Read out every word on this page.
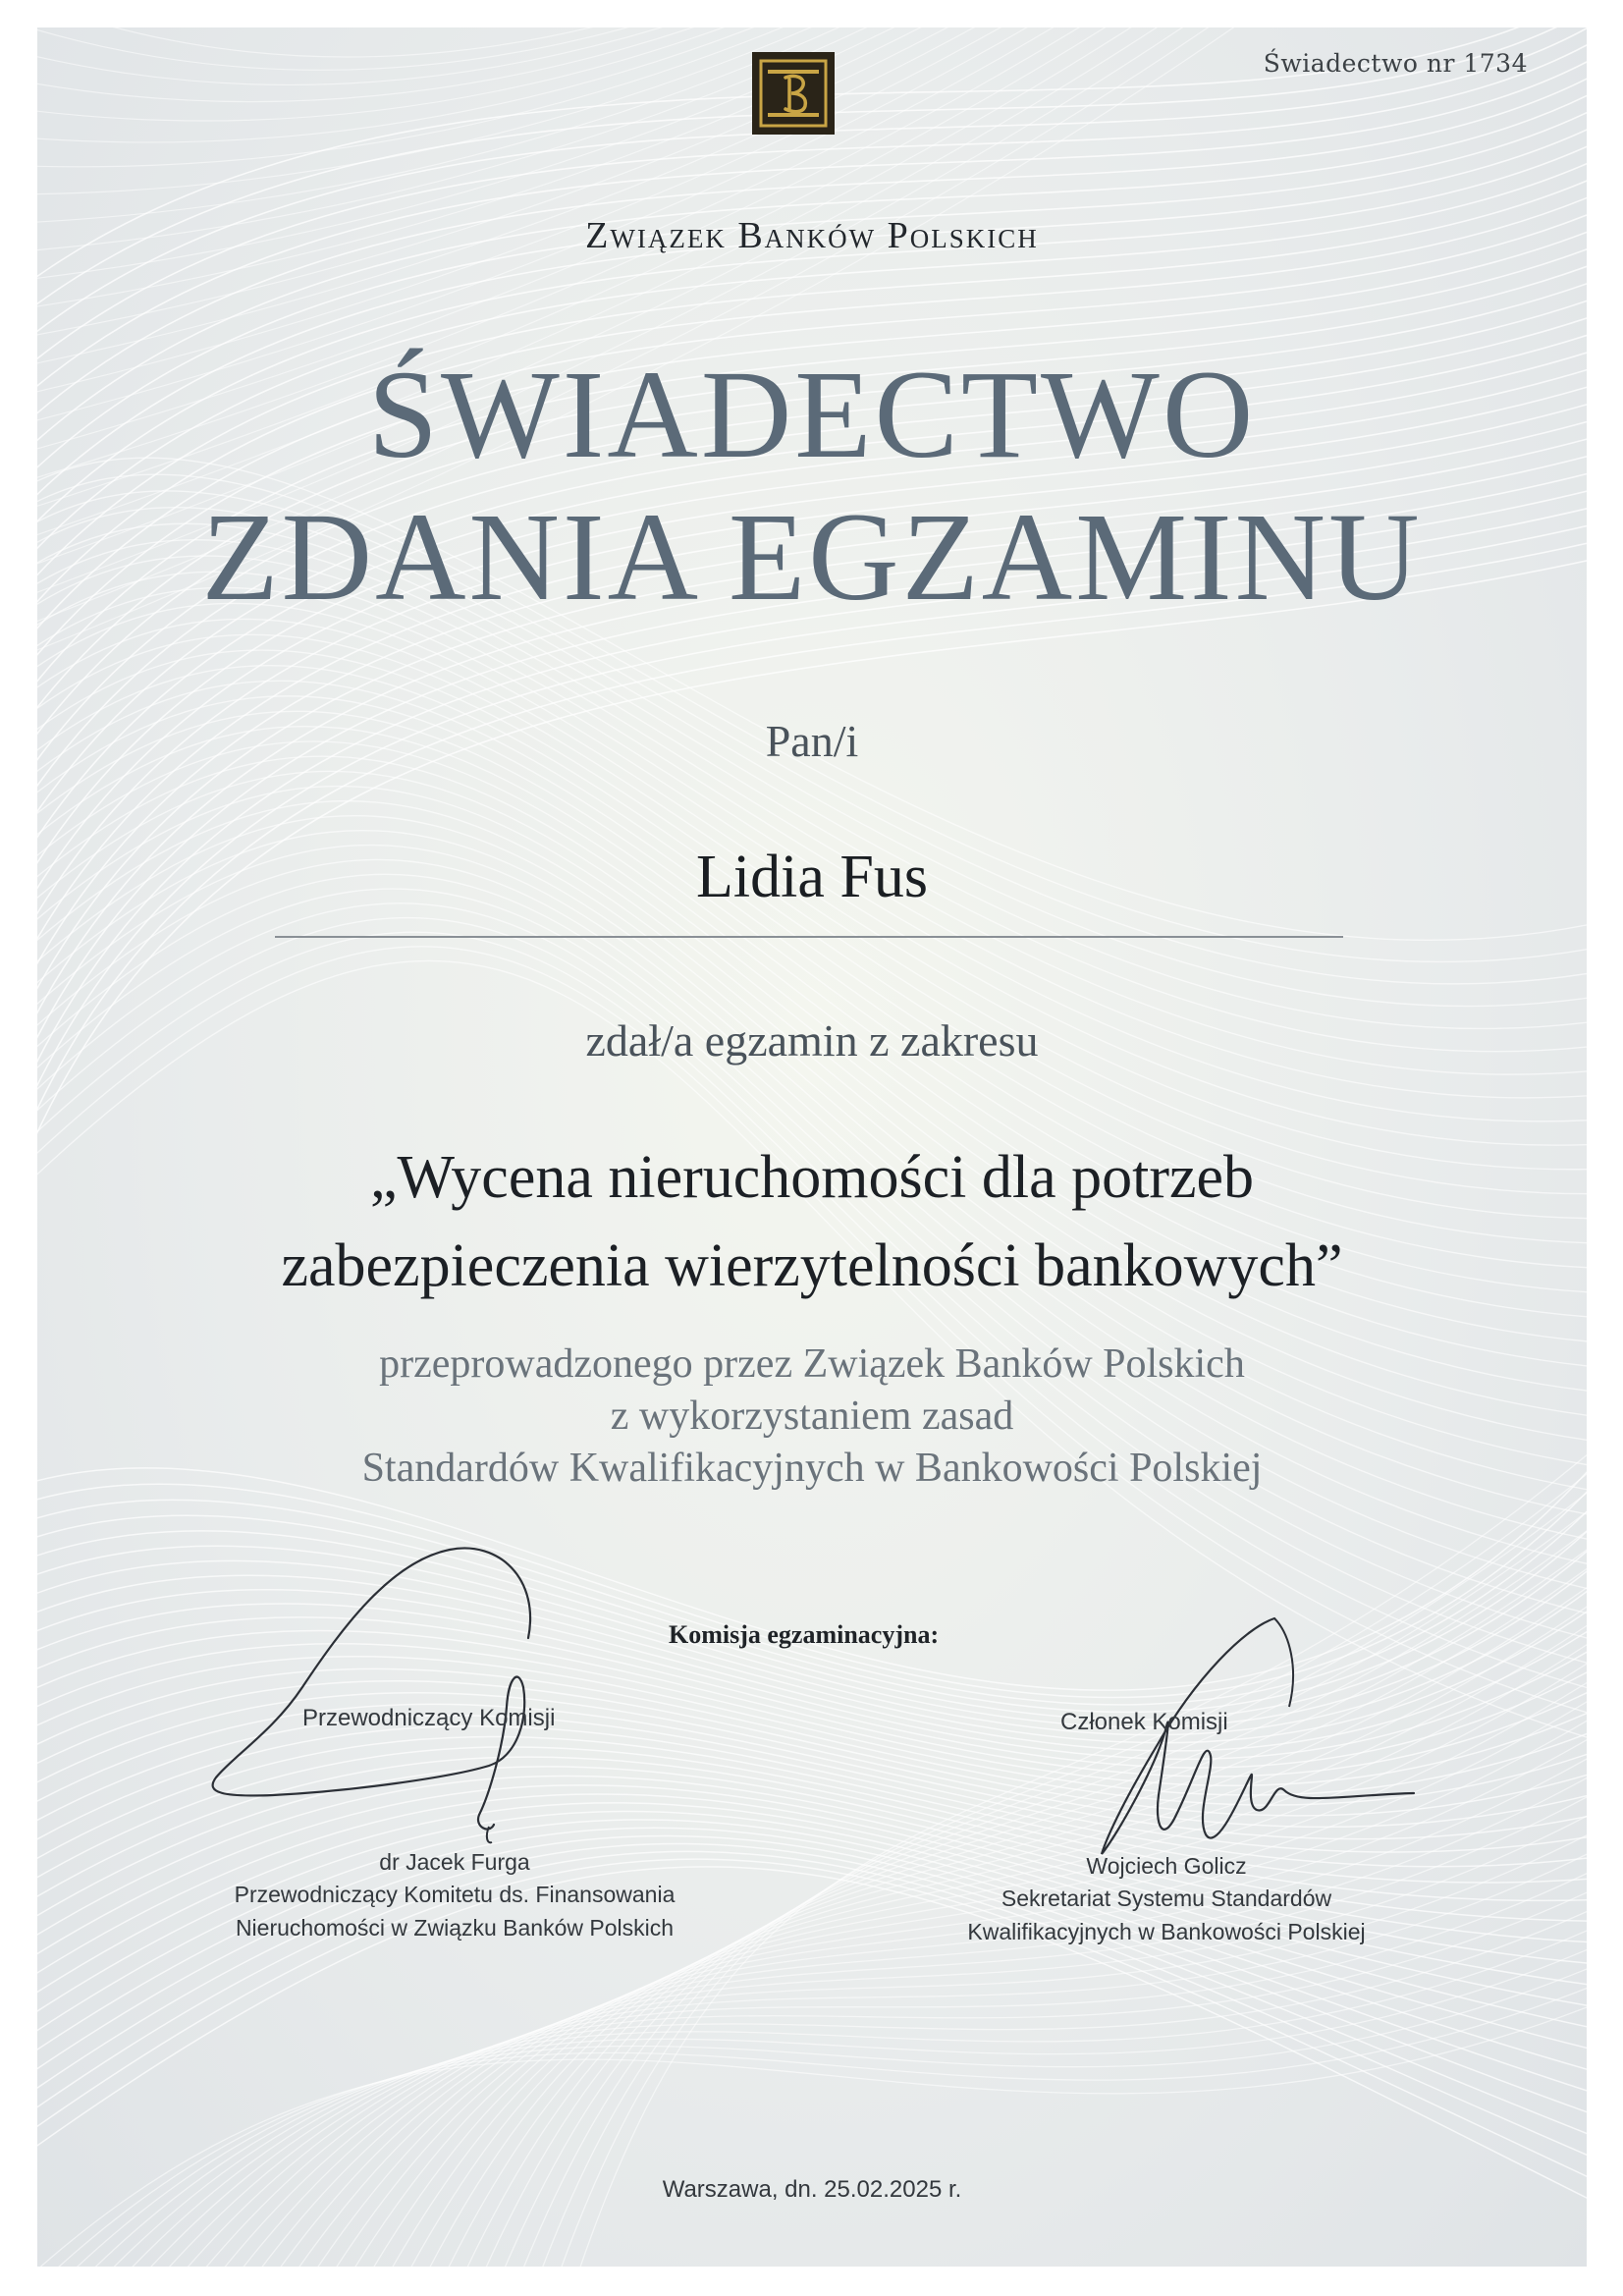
Świadectwo nr 1734
Związek Banków Polskich
ŚWIADECTWO
ZDANIA EGZAMINU
Pan/i
Lidia Fus
zdał/a egzamin z zakresu
„Wycena nieruchomości dla potrzeb
zabezpieczenia wierzytelności bankowych”
przeprowadzonego przez Związek Banków Polskich
z wykorzystaniem zasad
Standardów Kwalifikacyjnych w Bankowości Polskiej
Komisja egzaminacyjna:
Przewodniczący Komisji	Członek Komisji
dr Jacek Furga
Przewodniczący Komitetu ds. Finansowania
Nieruchomości w Związku Banków Polskich
Wojciech Golicz
Sekretariat Systemu Standardów
Kwalifikacyjnych w Bankowości Polskiej
Warszawa, dn. 25.02.2025 r.
